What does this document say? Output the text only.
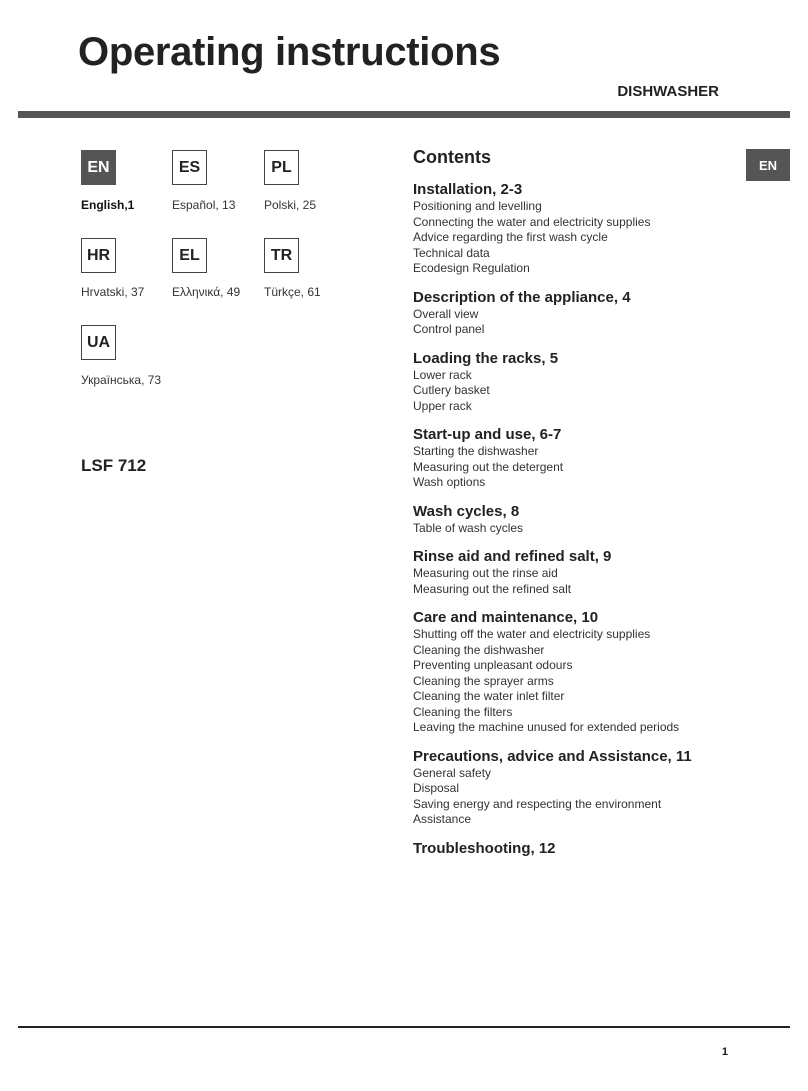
Operating instructions
DISHWASHER
EN
EN
English,1
ES
Español, 13
PL
Polski, 25
HR
Hrvatski, 37
EL
Ελληνικά, 49
TR
Türkçe, 61
UA
Українська, 73
LSF 712
Contents
Installation, 2-3
Positioning and levelling
Connecting the water and electricity supplies
Advice regarding the first wash cycle
Technical data
Ecodesign Regulation
Description of the appliance, 4
Overall view
Control panel
Loading the racks, 5
Lower rack
Cutlery basket
Upper rack
Start-up and use, 6-7
Starting the dishwasher
Measuring out the detergent
Wash options
Wash cycles, 8
Table of wash cycles
Rinse aid and refined salt, 9
Measuring out the rinse aid
Measuring out the refined salt
Care and maintenance, 10
Shutting off the water and electricity supplies
Cleaning the dishwasher
Preventing unpleasant odours
Cleaning the sprayer arms
Cleaning the water inlet filter
Cleaning the filters
Leaving the machine unused for extended periods
Precautions, advice and Assistance, 11
General safety
Disposal
Saving energy and respecting the environment
Assistance
Troubleshooting, 12
1
